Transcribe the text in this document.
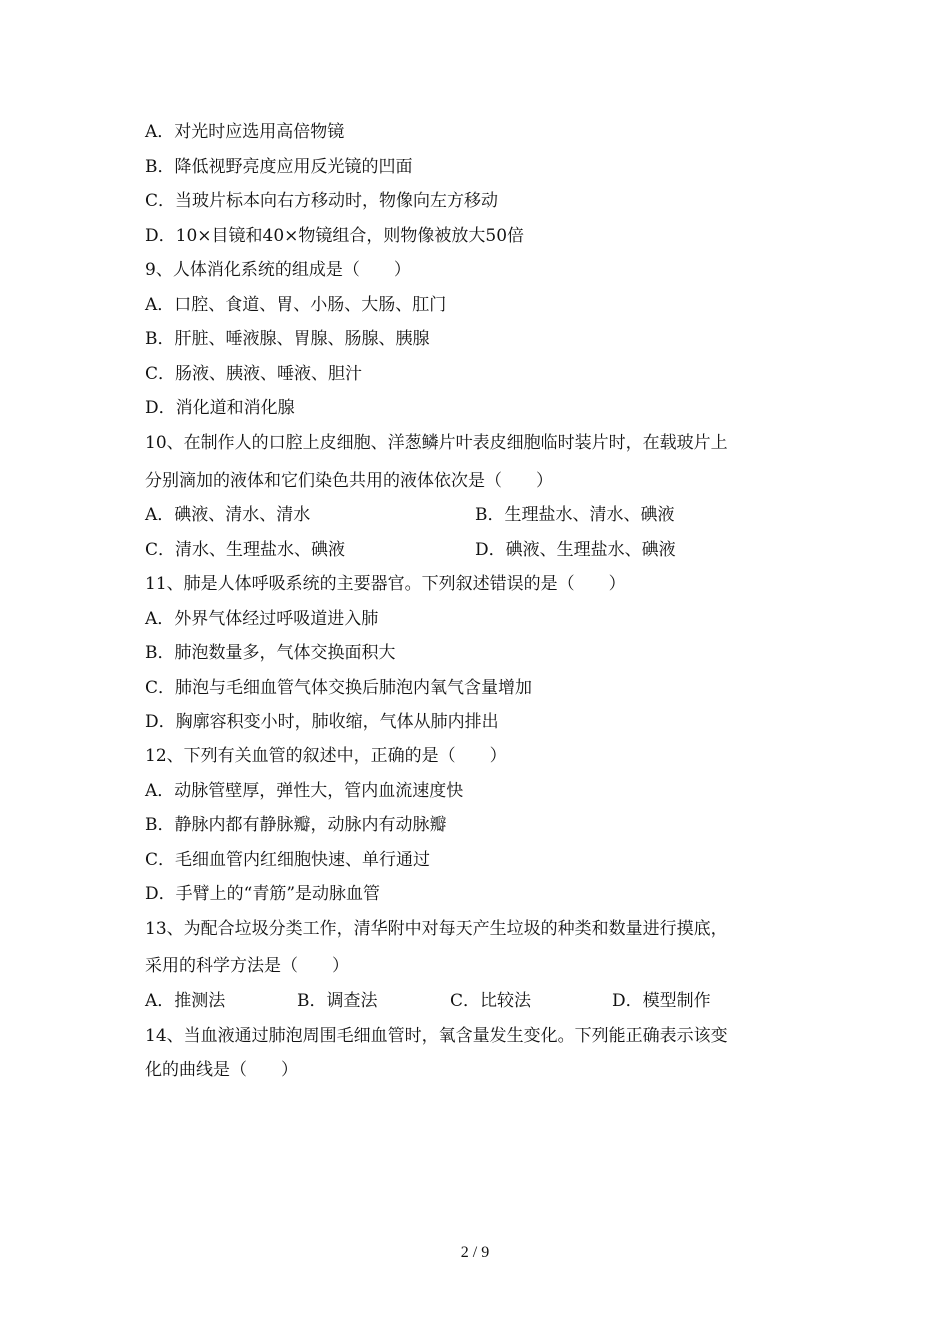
A．对光时应选用高倍物镜
B．降低视野亮度应用反光镜的凹面
C．当玻片标本向右方移动时，物像向左方移动
D．10×目镜和40×物镜组合，则物像被放大50倍
9、人体消化系统的组成是（　　）
A．口腔、食道、胃、小肠、大肠、肛门
B．肝脏、唾液腺、胃腺、肠腺、胰腺
C．肠液、胰液、唾液、胆汁
D．消化道和消化腺
10、在制作人的口腔上皮细胞、洋葱鳞片叶表皮细胞临时装片时，在载玻片上
分别滴加的液体和它们染色共用的液体依次是（　　）
A．碘液、清水、清水	B．生理盐水、清水、碘液
C．清水、生理盐水、碘液	D．碘液、生理盐水、碘液
11、肺是人体呼吸系统的主要器官。下列叙述错误的是（　　）
A．外界气体经过呼吸道进入肺
B．肺泡数量多，气体交换面积大
C．肺泡与毛细血管气体交换后肺泡内氧气含量增加
D．胸廓容积变小时，肺收缩，气体从肺内排出
12、下列有关血管的叙述中，正确的是（　　）
A．动脉管壁厚，弹性大，管内血流速度快
B．静脉内都有静脉瓣，动脉内有动脉瓣
C．毛细血管内红细胞快速、单行通过
D．手臂上的“青筋”是动脉血管
13、为配合垃圾分类工作，清华附中对每天产生垃圾的种类和数量进行摸底，
采用的科学方法是（　　）
A．推测法	B．调查法	C．比较法	D．模型制作
14、当血液通过肺泡周围毛细血管时，氧含量发生变化。下列能正确表示该变
化的曲线是（　　）
2 / 9
